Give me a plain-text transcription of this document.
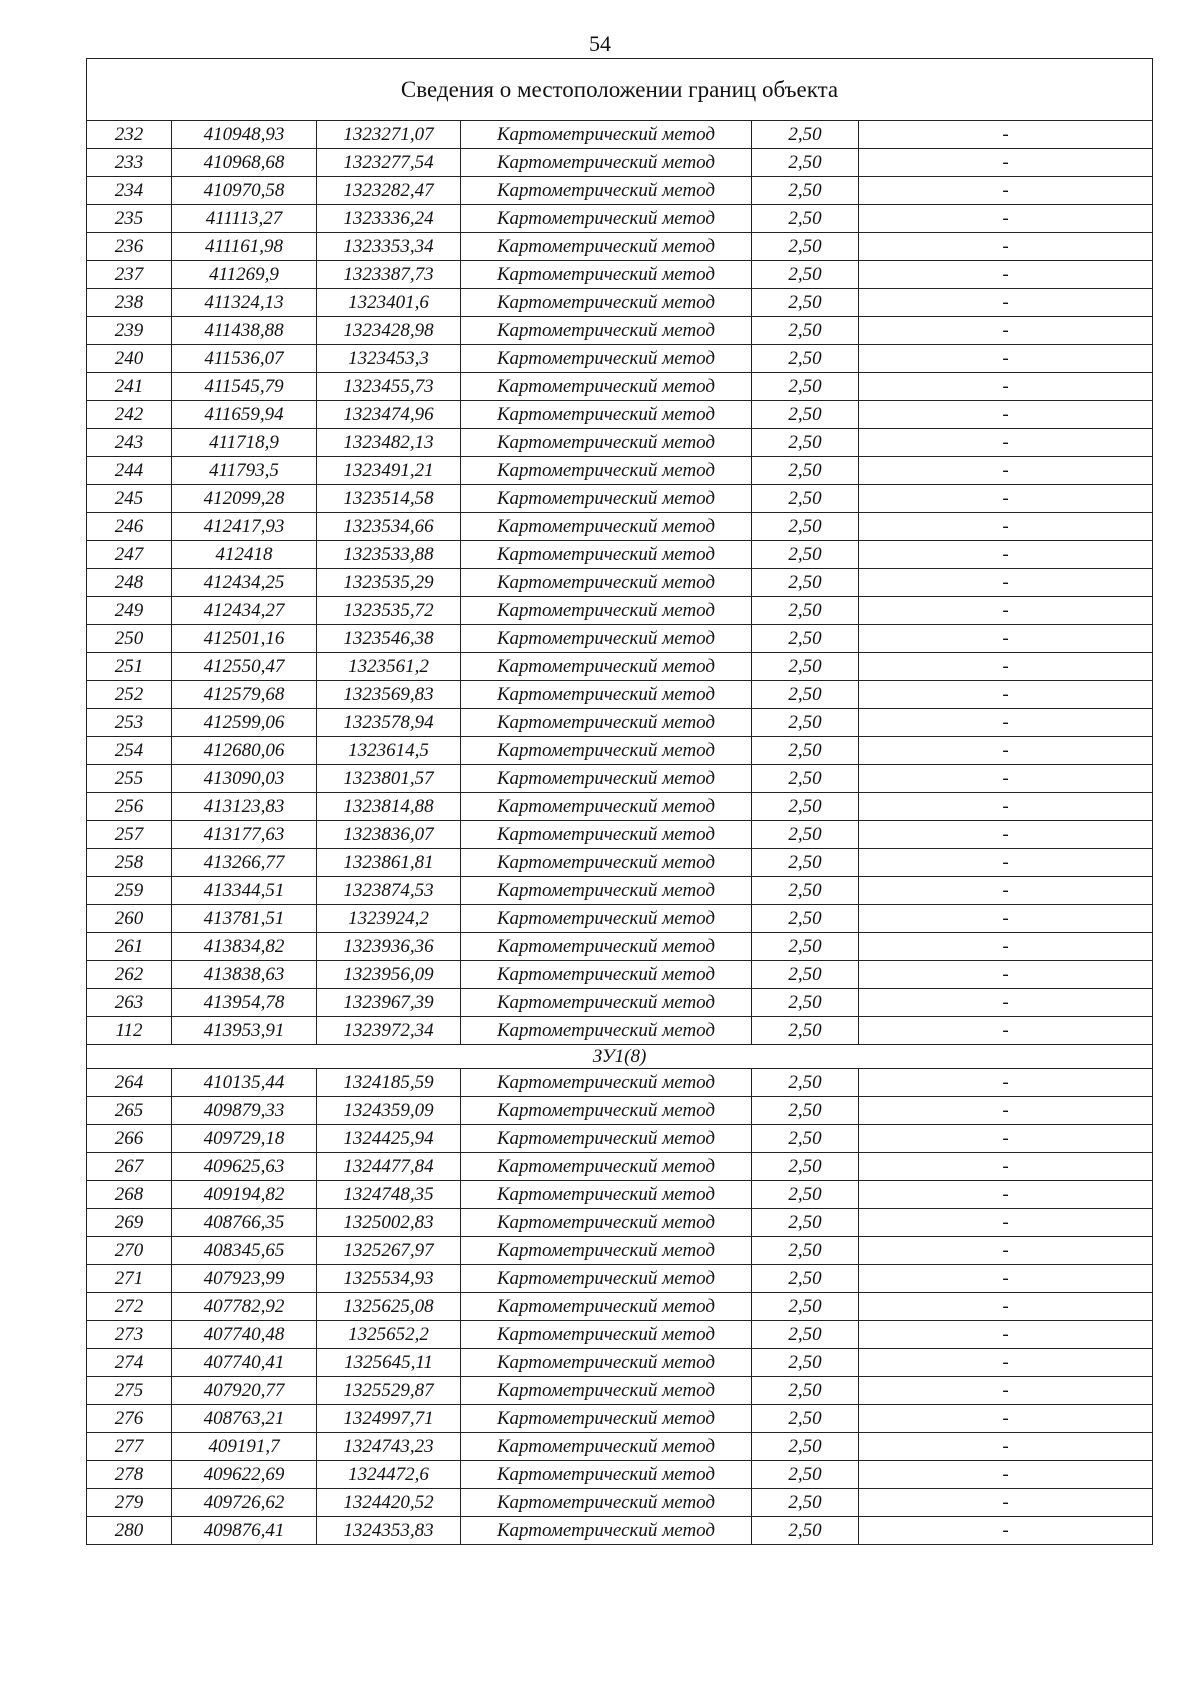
54
Сведения о местоположении границ объекта					
232	410948,93	1323271,07	Картометрический метод	2,50	-
233	410968,68	1323277,54	Картометрический метод	2,50	-
234	410970,58	1323282,47	Картометрический метод	2,50	-
235	411113,27	1323336,24	Картометрический метод	2,50	-
236	411161,98	1323353,34	Картометрический метод	2,50	-
237	411269,9	1323387,73	Картометрический метод	2,50	-
238	411324,13	1323401,6	Картометрический метод	2,50	-
239	411438,88	1323428,98	Картометрический метод	2,50	-
240	411536,07	1323453,3	Картометрический метод	2,50	-
241	411545,79	1323455,73	Картометрический метод	2,50	-
242	411659,94	1323474,96	Картометрический метод	2,50	-
243	411718,9	1323482,13	Картометрический метод	2,50	-
244	411793,5	1323491,21	Картометрический метод	2,50	-
245	412099,28	1323514,58	Картометрический метод	2,50	-
246	412417,93	1323534,66	Картометрический метод	2,50	-
247	412418	1323533,88	Картометрический метод	2,50	-
248	412434,25	1323535,29	Картометрический метод	2,50	-
249	412434,27	1323535,72	Картометрический метод	2,50	-
250	412501,16	1323546,38	Картометрический метод	2,50	-
251	412550,47	1323561,2	Картометрический метод	2,50	-
252	412579,68	1323569,83	Картометрический метод	2,50	-
253	412599,06	1323578,94	Картометрический метод	2,50	-
254	412680,06	1323614,5	Картометрический метод	2,50	-
255	413090,03	1323801,57	Картометрический метод	2,50	-
256	413123,83	1323814,88	Картометрический метод	2,50	-
257	413177,63	1323836,07	Картометрический метод	2,50	-
258	413266,77	1323861,81	Картометрический метод	2,50	-
259	413344,51	1323874,53	Картометрический метод	2,50	-
260	413781,51	1323924,2	Картометрический метод	2,50	-
261	413834,82	1323936,36	Картометрический метод	2,50	-
262	413838,63	1323956,09	Картометрический метод	2,50	-
263	413954,78	1323967,39	Картометрический метод	2,50	-
112	413953,91	1323972,34	Картометрический метод	2,50	-
ЗУ1(8)					
264	410135,44	1324185,59	Картометрический метод	2,50	-
265	409879,33	1324359,09	Картометрический метод	2,50	-
266	409729,18	1324425,94	Картометрический метод	2,50	-
267	409625,63	1324477,84	Картометрический метод	2,50	-
268	409194,82	1324748,35	Картометрический метод	2,50	-
269	408766,35	1325002,83	Картометрический метод	2,50	-
270	408345,65	1325267,97	Картометрический метод	2,50	-
271	407923,99	1325534,93	Картометрический метод	2,50	-
272	407782,92	1325625,08	Картометрический метод	2,50	-
273	407740,48	1325652,2	Картометрический метод	2,50	-
274	407740,41	1325645,11	Картометрический метод	2,50	-
275	407920,77	1325529,87	Картометрический метод	2,50	-
276	408763,21	1324997,71	Картометрический метод	2,50	-
277	409191,7	1324743,23	Картометрический метод	2,50	-
278	409622,69	1324472,6	Картометрический метод	2,50	-
279	409726,62	1324420,52	Картометрический метод	2,50	-
280	409876,41	1324353,83	Картометрический метод	2,50	-
